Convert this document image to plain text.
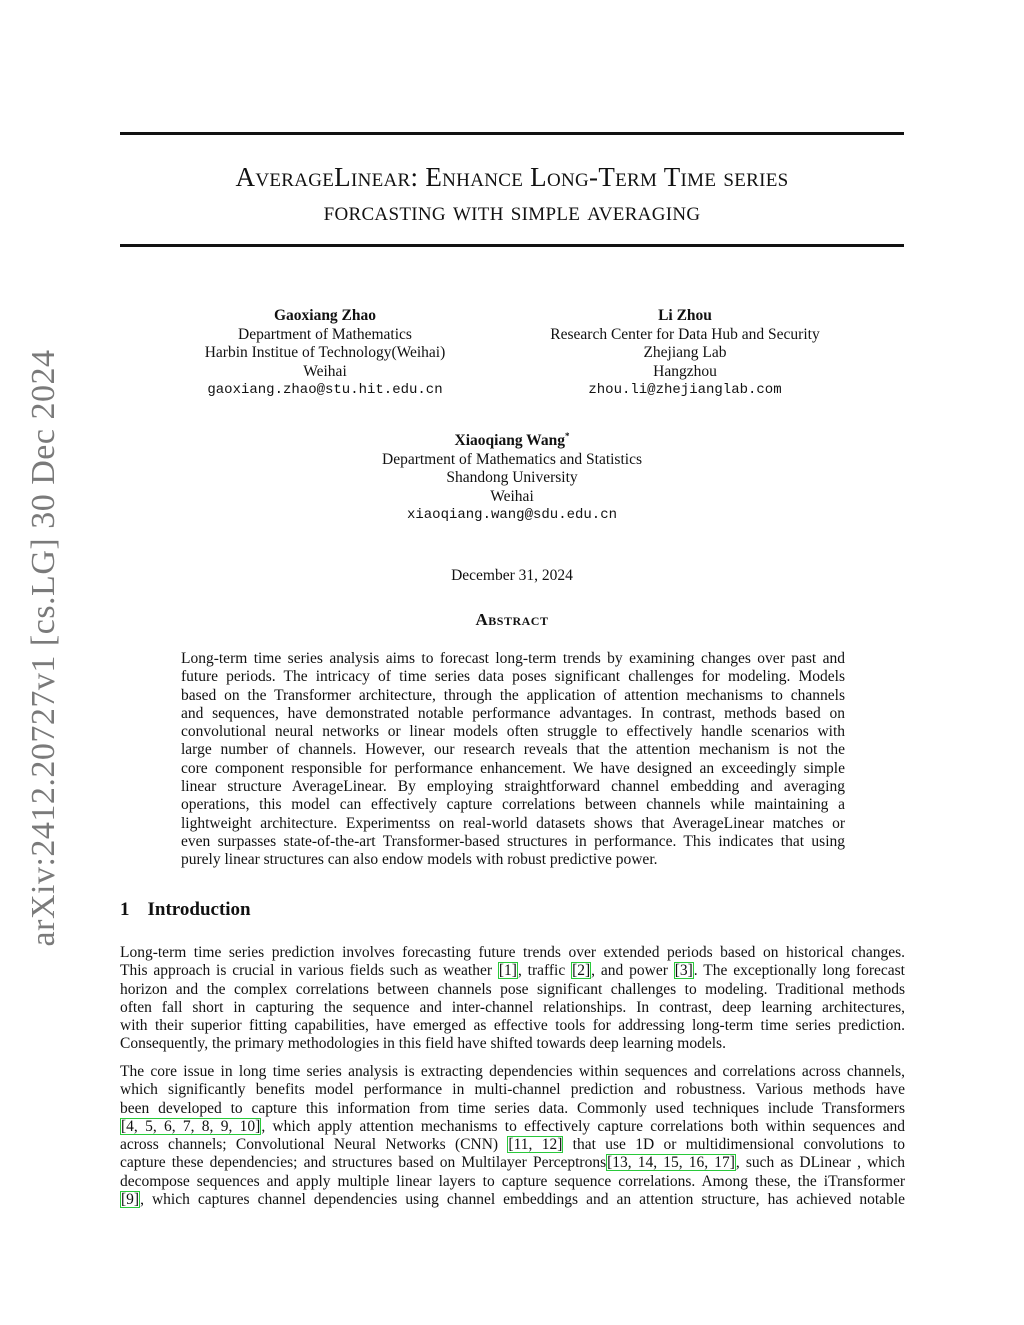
arXiv:2412.20727v1 [cs.LG] 30 Dec 2024
AverageLinear: Enhance Long-Term Time series
forcasting with simple averaging
Gaoxiang Zhao
Department of Mathematics
Harbin Institue of Technology(Weihai)
Weihai
gaoxiang.zhao@stu.hit.edu.cn
Li Zhou
Research Center for Data Hub and Security
Zhejiang Lab
Hangzhou
zhou.li@zhejianglab.com
Xiaoqiang Wang*
Department of Mathematics and Statistics
Shandong University
Weihai
xiaoqiang.wang@sdu.edu.cn
December 31, 2024
Abstract
Long-term time series analysis aims to forecast long-term trends by examining changes over past and
future periods. The intricacy of time series data poses significant challenges for modeling. Models
based on the Transformer architecture, through the application of attention mechanisms to channels
and sequences, have demonstrated notable performance advantages. In contrast, methods based on
convolutional neural networks or linear models often struggle to effectively handle scenarios with
large number of channels. However, our research reveals that the attention mechanism is not the
core component responsible for performance enhancement. We have designed an exceedingly simple
linear structure AverageLinear. By employing straightforward channel embedding and averaging
operations, this model can effectively capture correlations between channels while maintaining a
lightweight architecture. Experimentss on real-world datasets shows that AverageLinear matches or
even surpasses state-of-the-art Transformer-based structures in performance. This indicates that using
purely linear structures can also endow models with robust predictive power.
1 Introduction
Long-term time series prediction involves forecasting future trends over extended periods based on historical changes.
This approach is crucial in various fields such as weather [1], traffic [2], and power [3]. The exceptionally long forecast
horizon and the complex correlations between channels pose significant challenges to modeling. Traditional methods
often fall short in capturing the sequence and inter-channel relationships. In contrast, deep learning architectures,
with their superior fitting capabilities, have emerged as effective tools for addressing long-term time series prediction.
Consequently, the primary methodologies in this field have shifted towards deep learning models.
The core issue in long time series analysis is extracting dependencies within sequences and correlations across channels,
which significantly benefits model performance in multi-channel prediction and robustness. Various methods have
been developed to capture this information from time series data. Commonly used techniques include Transformers
[4, 5, 6, 7, 8, 9, 10], which apply attention mechanisms to effectively capture correlations both within sequences and
across channels; Convolutional Neural Networks (CNN) [11, 12] that use 1D or multidimensional convolutions to
capture these dependencies; and structures based on Multilayer Perceptrons[13, 14, 15, 16, 17], such as DLinear , which
decompose sequences and apply multiple linear layers to capture sequence correlations. Among these, the iTransformer
[9], which captures channel dependencies using channel embeddings and an attention structure, has achieved notable
